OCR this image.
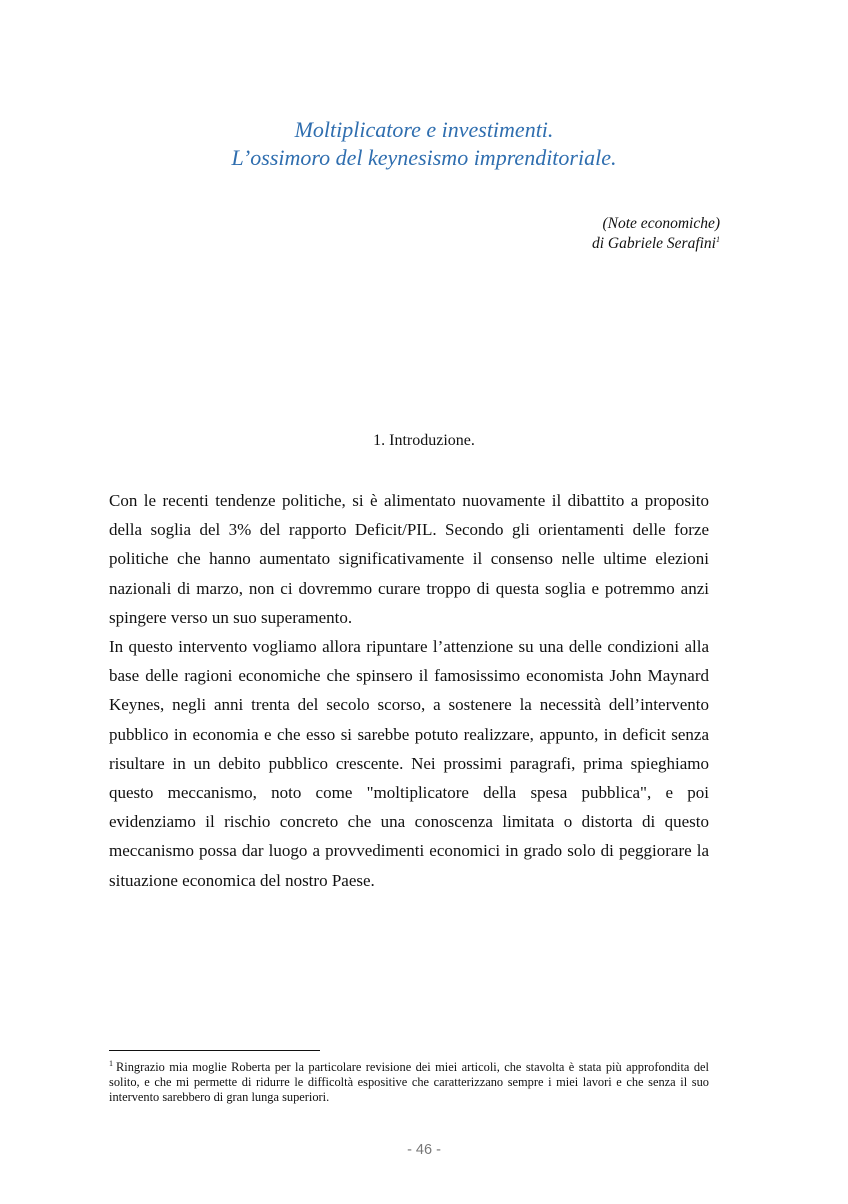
Moltiplicatore e investimenti.
L’ossimoro del keynesismo imprenditoriale.
(Note economiche)
di Gabriele Serafini$^1$
1. Introduzione.

Con le recenti tendenze politiche, si è alimentato nuovamente il dibattito a proposito della soglia del 3% del rapporto Deficit/PIL. Secondo gli orientamenti delle forze politiche che hanno aumentato significativamente il consenso nelle ultime elezioni nazionali di marzo, non ci dovremmo curare troppo di questa soglia e potremmo anzi spingere verso un suo superamento.

In questo intervento vogliamo allora ripuntare l’attenzione su una delle condizioni alla base delle ragioni economiche che spinsero il famosissimo economista John Maynard Keynes, negli anni trenta del secolo scorso, a sostenere la necessità dell’intervento pubblico in economia e che esso si sarebbe potuto realizzare, appunto, in deficit senza risultare in un debito pubblico crescente. Nei prossimi paragrafi, prima spieghiamo questo meccanismo, noto come "moltiplicatore della spesa pubblica", e poi evidenziamo il rischio concreto che una conoscenza limitata o distorta di questo meccanismo possa dar luogo a provvedimenti economici in grado solo di peggiorare la situazione economica del nostro Paese.

$^1$ Ringrazio mia moglie Roberta per la particolare revisione dei miei articoli, che stavolta è stata più approfondita del solito, e che mi permette di ridurre le difficoltà espositive che caratterizzano sempre i miei lavori e che senza il suo intervento sarebbero di gran lunga superiori.
- 46 -
